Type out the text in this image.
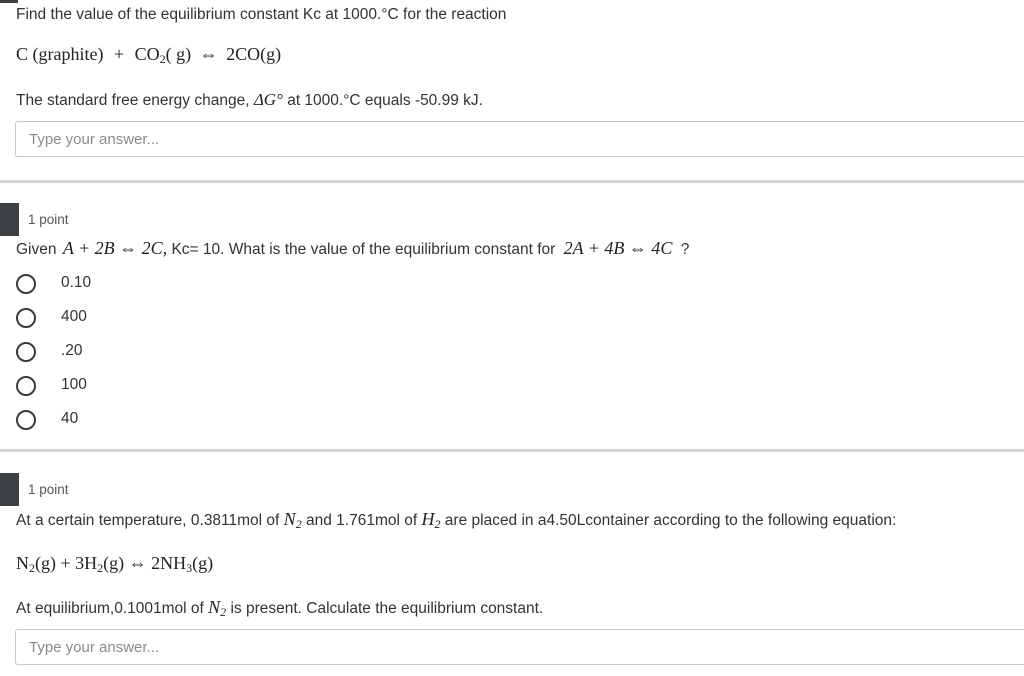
Find the value of the equilibrium constant Kc at 1000.°C for the reaction
C (graphite) + $CO_2$( g) ⇔ 2CO(g)
The standard free energy change, ΔG° at 1000.°C equals -50.99 kJ.
Type your answer...
1 point
Given A + 2B ⇔ 2C, Kc= 10. What is the value of the equilibrium constant for 2A + 4B ⇔ 4C ?
0.10
400
.20
100
40
1 point
At a certain temperature, 0.3811mol of $N_2$ and 1.761mol of $H_2$ are placed in a4.50Lcontainer according to the following equation:
$N_2(g) + 3H_2(g)$ ⇔ $2NH_3(g)$
At equilibrium,0.1001mol of $N_2$ is present. Calculate the equilibrium constant.
Type your answer...
